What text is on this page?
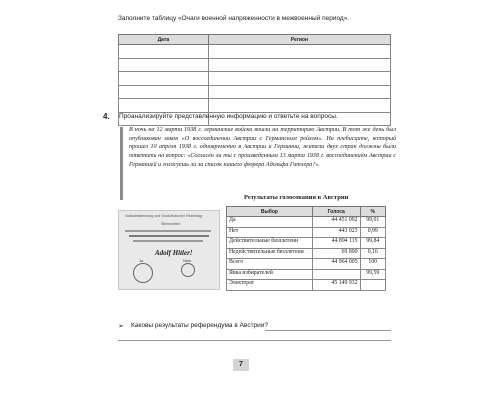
Заполните таблицу «Очаги военной напряженности в межвоенный период».
Дата	Регион

4. Проанализируйте представленную информацию и ответьте на вопросы.

В ночь на 12 марта 1938 г. германские войска вошли на территорию Австрии. В тот же день был опубликован закон «О воссоединении Австрии с Германским рейхом». На плебисците, который прошел 10 апреля 1938 г. одновременно в Австрии и Германии, жители двух стран должны были ответить на вопрос: «Согласен ли ты с произведенным 13 марта 1938 г. воссоединением Австрии с Германией и голосуешь ли за список нашего фюрера Адольфа Гитлера?».

Volksabstimmung und Großdeutscher Reichstag
Stimmzettel
Adolf Hitler!
Ja	Nein
Результаты голосования в Австрии
Выбор	Голоса	%
Да	44 451 092	99,01
Нет	443 023	0,99
Действительные бюллетени	44 894 115	99,84
Недействительные бюллетени	69 890	0,16
Всего	44 964 005	100
Явка избирателей		99,59
Электорат	45 149 932	
➢ Каковы результаты референдума в Австрии?
7
